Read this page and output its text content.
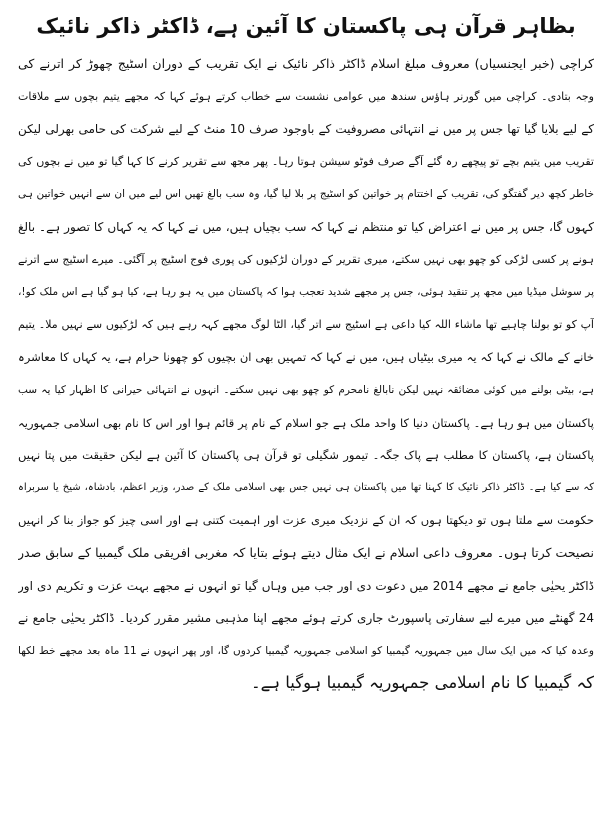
بظاہر قرآن ہی پاکستان کا آئین ہے، ڈاکٹر ذاکر نائیک
کراچی (خبر ایجنسیاں) معروف مبلغ اسلام ڈاکٹر ذاکر نائیک نے ایک تقریب کے دوران اسٹیج چھوڑ کر اترنے کی
وجہ بتادی۔ کراچی میں گورنر ہاؤس سندھ میں عوامی نشست سے خطاب کرتے ہوئے کہا کہ مجھے یتیم بچوں سے ملاقات
کے لیے بلایا گیا تھا جس پر میں نے انتہائی مصروفیت کے باوجود صرف 10 منٹ کے لیے شرکت کی حامی بھرلی لیکن
تقریب میں یتیم بچے تو پیچھے رہ گئے آگے صرف فوٹو سیشن ہوتا رہا۔ پھر مجھ سے تقریر کرنے کا کہا گیا تو میں نے بچوں کی
خاطر کچھ دیر گفتگو کی، تقریب کے اختتام پر خواتین کو اسٹیج پر بلا لیا گیا، وہ سب بالغ تھیں اس لیے میں ان سے انہیں خواتین ہی
کہوں گا، جس پر میں نے اعتراض کیا تو منتظم نے کہا کہ سب بچیاں ہیں، میں نے کہا کہ یہ کہاں کا تصور ہے۔ بالغ
ہونے پر کسی لڑکی کو چھو بھی نہیں سکتے، میری تقریر کے دوران لڑکیوں کی پوری فوج اسٹیج پر آگئی۔ میرے اسٹیج سے اترنے
پر سوشل میڈیا میں مجھ پر تنقید ہوئی، جس پر مجھے شدید تعجب ہوا کہ پاکستان میں یہ ہو رہا ہے، کیا ہو گیا ہے اس ملک کو!،
آپ کو تو بولنا چاہیے تھا ماشاء اللہ کیا داعی ہے اسٹیج سے اتر گیا، الٹا لوگ مجھے کہہ رہے ہیں کہ لڑکیوں سے نہیں ملا۔ یتیم
خانے کے مالک نے کہا کہ یہ میری بیٹیاں ہیں، میں نے کہا کہ تمہیں بھی ان بچیوں کو چھونا حرام ہے، یہ کہاں کا معاشرہ
ہے، بیٹی بولنے میں کوئی مضائقہ نہیں لیکن نابالغ نامحرم کو چھو بھی نہیں سکتے۔ انہوں نے انتہائی حیرانی کا اظہار کیا یہ سب
پاکستان میں ہو رہا ہے۔ پاکستان دنیا کا واحد ملک ہے جو اسلام کے نام پر قائم ہوا اور اس کا نام بھی اسلامی جمہوریہ
پاکستان ہے، پاکستان کا مطلب ہے پاک جگہ۔ تیمور شگیلی تو قرآن ہی پاکستان کا آئین ہے لیکن حقیقت میں پتا نہیں
کہ سے کیا ہے۔ ڈاکٹر ذاکر نائیک کا کہنا تھا میں پاکستان ہی نہیں جس بھی اسلامی ملک کے صدر، وزیر اعظم، بادشاہ، شیخ یا سربراہ
حکومت سے ملتا ہوں تو دیکھتا ہوں کہ ان کے نزدیک میری عزت اور اہمیت کتنی ہے اور اسی چیز کو جواز بنا کر انہیں
نصیحت کرتا ہوں۔ معروف داعی اسلام نے ایک مثال دیتے ہوئے بتایا کہ مغربی افریقی ملک گیمبیا کے سابق صدر
ڈاکٹر یحیٰی جامع نے مجھے 2014 میں دعوت دی اور جب میں وہاں گیا تو انہوں نے مجھے بہت عزت و تکریم دی اور
24 گھنٹے میں میرے لیے سفارتی پاسپورٹ جاری کرتے ہوئے مجھے اپنا مذہبی مشیر مقرر کردیا۔ ڈاکٹر یحیٰی جامع نے
وعدہ کیا کہ میں ایک سال میں جمہوریہ گیمبیا کو اسلامی جمہوریہ گیمبیا کردوں گا، اور پھر انہوں نے 11 ماہ بعد مجھے خط لکھا
کہ گیمبیا کا نام اسلامی جمہوریہ گیمبیا ہوگیا ہے۔
